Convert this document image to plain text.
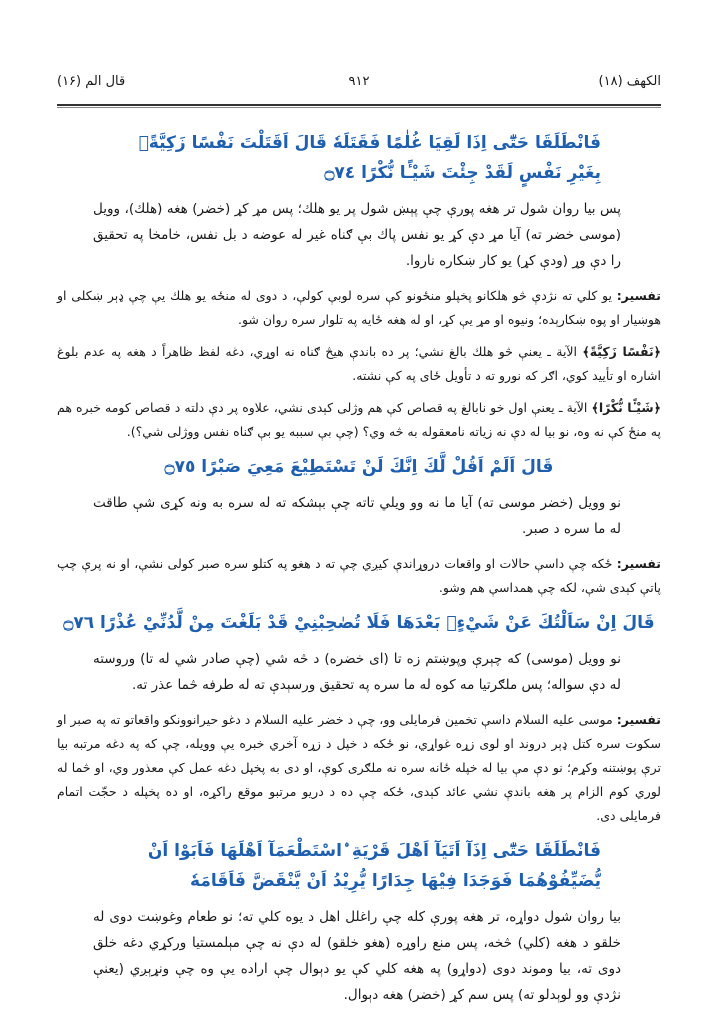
الکهف (۱۸)
۹۱۲
قال الم (۱۶)
فَانْطَلَقَا حَتّٰٓى اِذَا لَقِيَا غُلٰمًا فَقَتَلَهٗ قَالَ اَقَتَلْتَ نَفْسًا زَكِيَّةًۢ بِغَيْرِ نَفْسٍ لَقَدْ جِئْتَ شَيْـًٔا نُّكْرًا ۝٧٤
پس بیا روان شول تر هغه پورې چې پېښ شول پر یو هلك؛ پس مړ کړ (خضر) هغه (هلك)، وویل (موسی خضر ته) آیا مړ دې کړ یو نفس پاك بې ګناه غیر له عوضه د بل نفس، خامخا په تحقیق را دې وړ (ودې کړ) یو کار ښکاره ناروا.
تفسیر: یو کلي ته نژدې څو هلکانو پخپلو منځونو کې سره لوبې کولې، د دوی له منځه یو هلك یې چې ډېر ښکلی او هوښیار او پوه ښکارېده؛ ونیوه او مړ یې کړ، او له هغه ځایه په تلوار سره روان شو.
﴿نَفْسًا زَكِيَّةً﴾ الآية ـ یعنې څو هلك بالغ نشي؛ پر ده باندې هیڅ ګناه نه اوړي، دغه لفظ ظاهراً د هغه په عدم بلوغ اشاره او تأیید کوي، اګر که نورو ته د تأویل ځای په کې نشته.
﴿شَيْـًٔا نُّكْرًا﴾ الآية ـ یعنې اول خو نابالغ په قصاص کې هم وژلی کېدی نشي، علاوه پر دې دلته د قصاص کومه خبره هم په منځ کې نه وه، نو بیا له دې نه زیاته نامعقوله به څه وي؟ (چې بې سببه یو بې ګناه نفس ووژلی شي؟).
قَالَ اَلَمْ اَقُلْ لَّكَ اِنَّكَ لَنْ تَسْتَطِيْعَ مَعِيَ صَبْرًا ۝٧٥
نو وویل (خضر موسی ته) آیا ما نه وو ویلي تاته چې بېشکه ته له سره به ونه کړی شې طاقت له ما سره د صبر.
تفسیر: ځکه چې داسې حالات او واقعات دروړاندې کیږي چې ته د هغو په کتلو سره صبر کولی نشې، او نه پرې چپ پاتې کېدی شې، لکه چې همداسې هم وشو.
قَالَ اِنْ سَاَلْتُكَ عَنْ شَيْءٍۭ بَعْدَهَا فَلَا تُصٰحِبْنِيْ قَدْ بَلَغْتَ مِنْ لَّدُنِّيْ عُذْرًا ۝٧٦
نو وویل (موسی) که چېرې وپوښتم زه تا (ای خضره) د څه شي (چې صادر شي له تا) وروسته له دې سواله؛ پس ملګرتیا مه کوه له ما سره په تحقیق ورسېدې ته له طرفه څما عذر ته.
تفسیر: موسی علیه السلام داسې تخمین فرمایلی وو، چې د خضر علیه السلام د دغو حیرانوونکو واقعاتو ته په صبر او سکوت سره کتل ډېر دروند او لوی زړه غواړي، نو ځکه د خپل د زړه آخري خبره یې وویله، چې که په دغه مرتبه بیا ترې پوښتنه وکړم؛ نو دې مې بیا له خپله ځانه سره نه ملګری کوې، او دی به پخپل دغه عمل کې معذور وي، او څما له لوري کوم الزام پر هغه باندې نشي عائد کېدی، ځکه چې ده د دریو مرتبو موقع راکړه، او ده پخپله د حجّت اتمام فرمایلی دی.
فَانْطَلَقَا حَتّٰٓى اِذَآ اَتَيَآ اَهْلَ قَرْيَةِ ۨاسْتَطْعَمَآ اَهْلَهَا فَاَبَوْا اَنْ يُّضَيِّفُوْهُمَا فَوَجَدَا فِيْهَا جِدَارًا يُّرِيْدُ اَنْ يَّنْقَضَّ فَاَقَامَهٗ
بیا روان شول دواړه، تر هغه پورې کله چې راغلل اهل د یوه کلي ته؛ نو طعام وغوښت دوی له خلقو د هغه (کلي) څخه، پس منع راوړه (هغو خلقو) له دې نه چې مېلمستیا ورکړي دغه خلق دوی ته، بیا وموند دوی (دواړو) په هغه کلي کې یو دېوال چې اراده یې وه چې ونړېږي (یعنې نژدې وو لوېدلو ته) پس سم کړ (خضر) هغه دېوال.
